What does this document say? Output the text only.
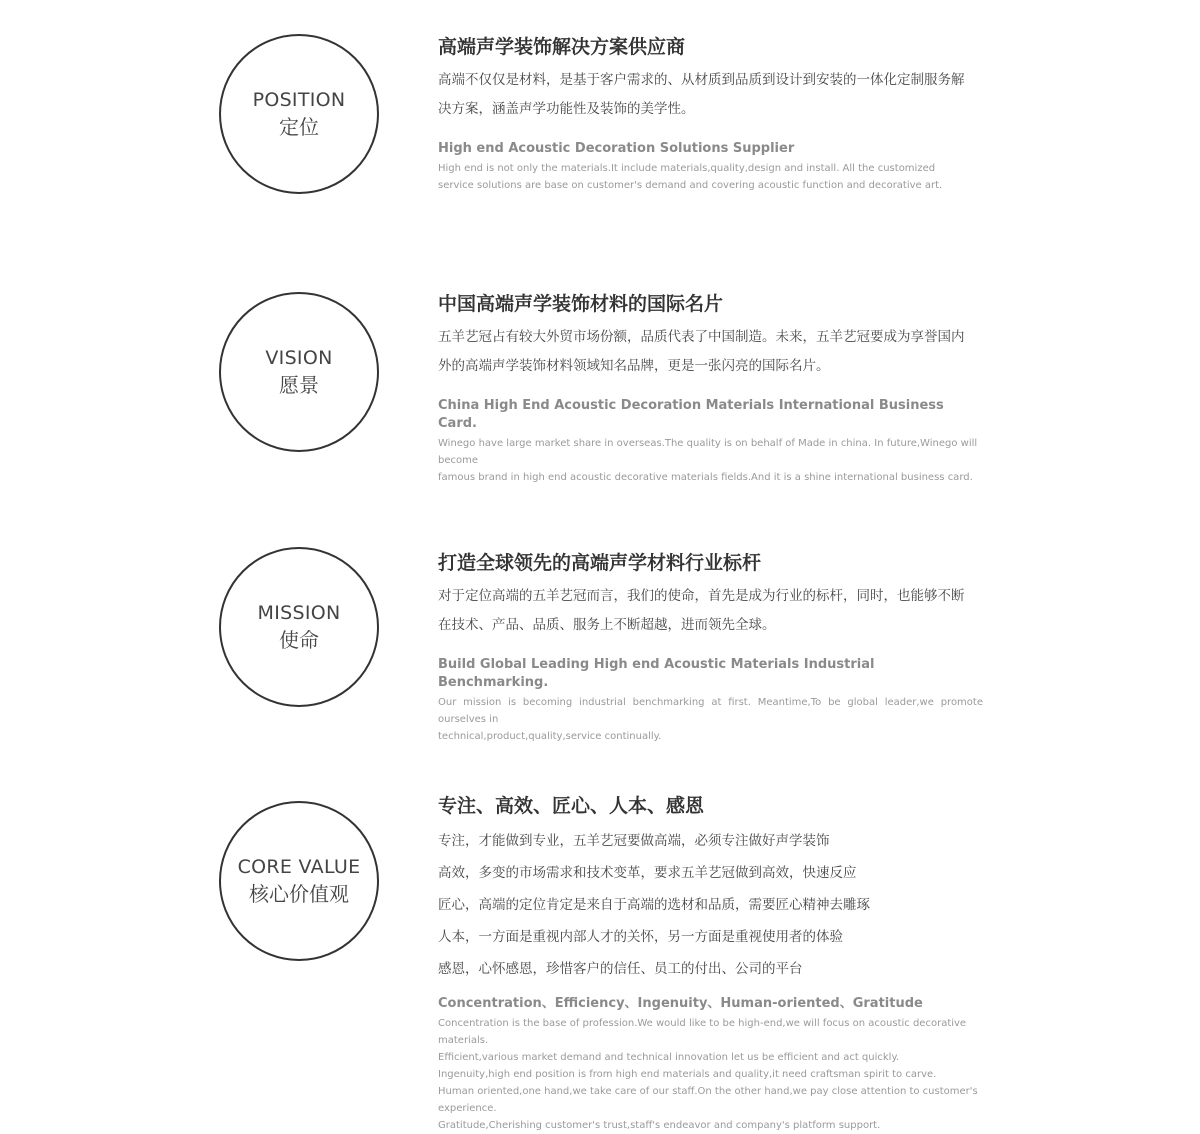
POSITION
定位
高端声学装饰解决方案供应商

高端不仅仅是材料，是基于客户需求的、从材质到品质到设计到安装的一体化定制服务解
决方案，涵盖声学功能性及装饰的美学性。

High end Acoustic Decoration Solutions Supplier

High end is not only the materials.It include materials,quality,design and install. All the customized
service solutions are base on customer's demand and covering acoustic function and decorative art.

VISION
愿景
中国高端声学装饰材料的国际名片

五羊艺冠占有较大外贸市场份额，品质代表了中国制造。未来，五羊艺冠要成为享誉国内
外的高端声学装饰材料领域知名品牌，更是一张闪亮的国际名片。

China High End Acoustic Decoration Materials International Business Card.

Winego have large market share in overseas.The quality is on behalf of Made in china. In future,Winego will become
famous brand in high end acoustic decorative materials fields.And it is a shine international business card.

MISSION
使命
打造全球领先的高端声学材料行业标杆

对于定位高端的五羊艺冠而言，我们的使命，首先是成为行业的标杆，同时，也能够不断
在技术、产品、品质、服务上不断超越，进而领先全球。

Build Global Leading High end Acoustic Materials Industrial Benchmarking.

Our mission is becoming industrial benchmarking at first. Meantime,To be global leader,we promote ourselves in
technical,product,quality,service continually.

CORE VALUE
核心价值观
专注、高效、匠心、人本、感恩
专注，才能做到专业，五羊艺冠要做高端，必须专注做好声学装饰
高效，多变的市场需求和技术变革，要求五羊艺冠做到高效，快速反应
匠心，高端的定位肯定是来自于高端的选材和品质，需要匠心精神去雕琢
人本，一方面是重视内部人才的关怀，另一方面是重视使用者的体验
感恩，心怀感恩，珍惜客户的信任、员工的付出、公司的平台

Concentration、Efficiency、Ingenuity、Human-oriented、Gratitude

Concentration is the base of profession.We would like to be high-end,we will focus on acoustic decorative materials.
Efficient,various market demand and technical innovation let us be efficient and act quickly.
Ingenuity,high end position is from high end materials and quality,it need craftsman spirit to carve.
Human oriented,one hand,we take care of our staff.On the other hand,we pay close attention to customer's experience.
Gratitude,Cherishing customer's trust,staff's endeavor and company's platform support.
